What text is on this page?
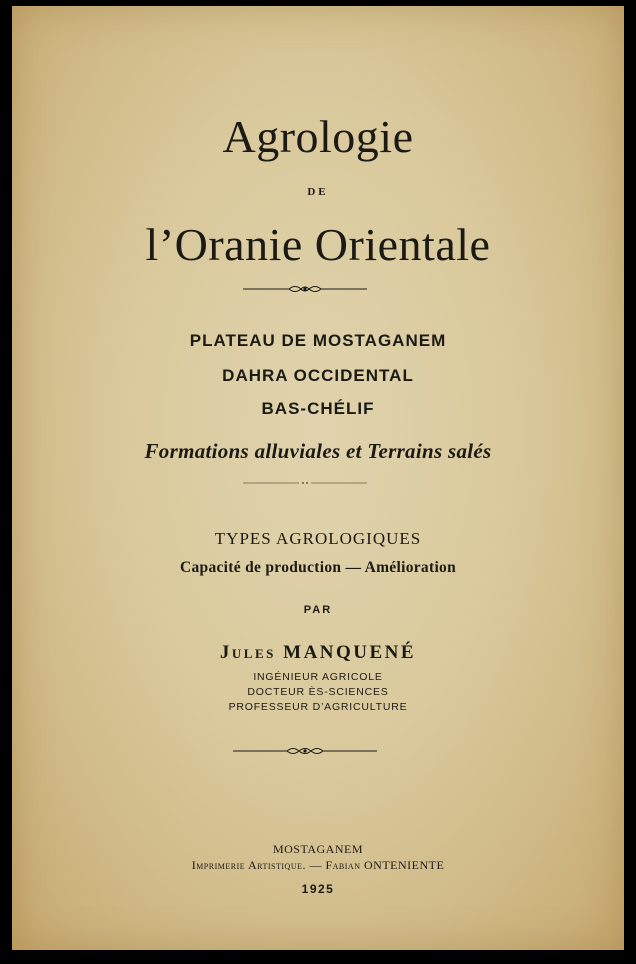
Agrologie
DE
l’Oranie Orientale
PLATEAU DE MOSTAGANEM
DAHRA OCCIDENTAL
BAS-CHÉLIF
Formations alluviales et Terrains salés
TYPES AGROLOGIQUES
Capacité de production — Amélioration
PAR
Jules MANQUENÉ
INGÉNIEUR AGRICOLE
DOCTEUR ÈS-SCIENCES
PROFESSEUR D’AGRICULTURE
MOSTAGANEM
Imprimerie Artistique. — Fabian ONTENIENTE
1925
